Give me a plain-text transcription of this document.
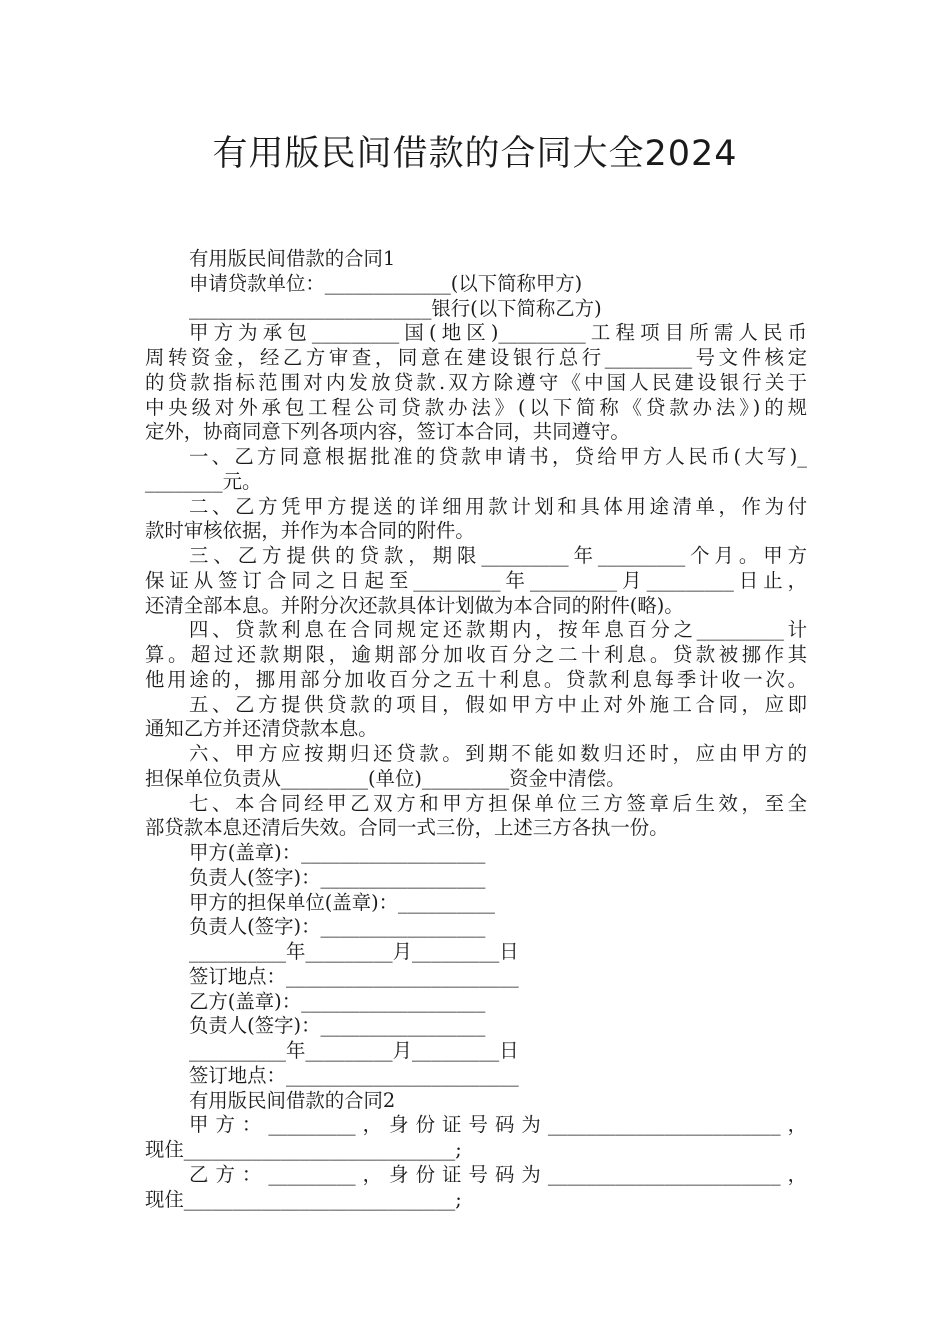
有用版民间借款的合同大全2024
有用版民间借款的合同1
申请贷款单位：_____________(以下简称甲方)
_________________________银行(以下简称乙方)
甲方为承包_________国(地区)_________工程项目所需人民币
周转资金，经乙方审查，同意在建设银行总行_________号文件核定
的贷款指标范围对内发放贷款.双方除遵守《中国人民建设银行关于
中央级对外承包工程公司贷款办法》(以下简称《贷款办法》)的规
定外，协商同意下列各项内容，签订本合同，共同遵守。
一、乙方同意根据批准的贷款申请书，贷给甲方人民币(大写)_
________元。
二、乙方凭甲方提送的详细用款计划和具体用途清单，作为付
款时审核依据，并作为本合同的附件。
三、乙方提供的贷款，期限_________年_________个月。甲方
保证从签订合同之日起至_________年_________月_________日止，
还清全部本息。并附分次还款具体计划做为本合同的附件(略)。
四、贷款利息在合同规定还款期内，按年息百分之_________计
算。超过还款期限，逾期部分加收百分之二十利息。贷款被挪作其
他用途的，挪用部分加收百分之五十利息。贷款利息每季计收一次。
五、乙方提供贷款的项目，假如甲方中止对外施工合同，应即
通知乙方并还清贷款本息。
六、甲方应按期归还贷款。到期不能如数归还时，应由甲方的
担保单位负责从_________(单位)_________资金中清偿。
七、本合同经甲乙双方和甲方担保单位三方签章后生效，至全
部贷款本息还清后失效。合同一式三份，上述三方各执一份。
甲方(盖章)：___________________
负责人(签字)：_________________
甲方的担保单位(盖章)：__________
负责人(签字)：_________________
__________年_________月_________日
签订地点：________________________
乙方(盖章)：___________________
负责人(签字)：_________________
__________年_________月_________日
签订地点：________________________
有用版民间借款的合同2
甲方：_________，身份证号码为________________________，
现住____________________________;
乙方：_________，身份证号码为________________________，
现住____________________________;
